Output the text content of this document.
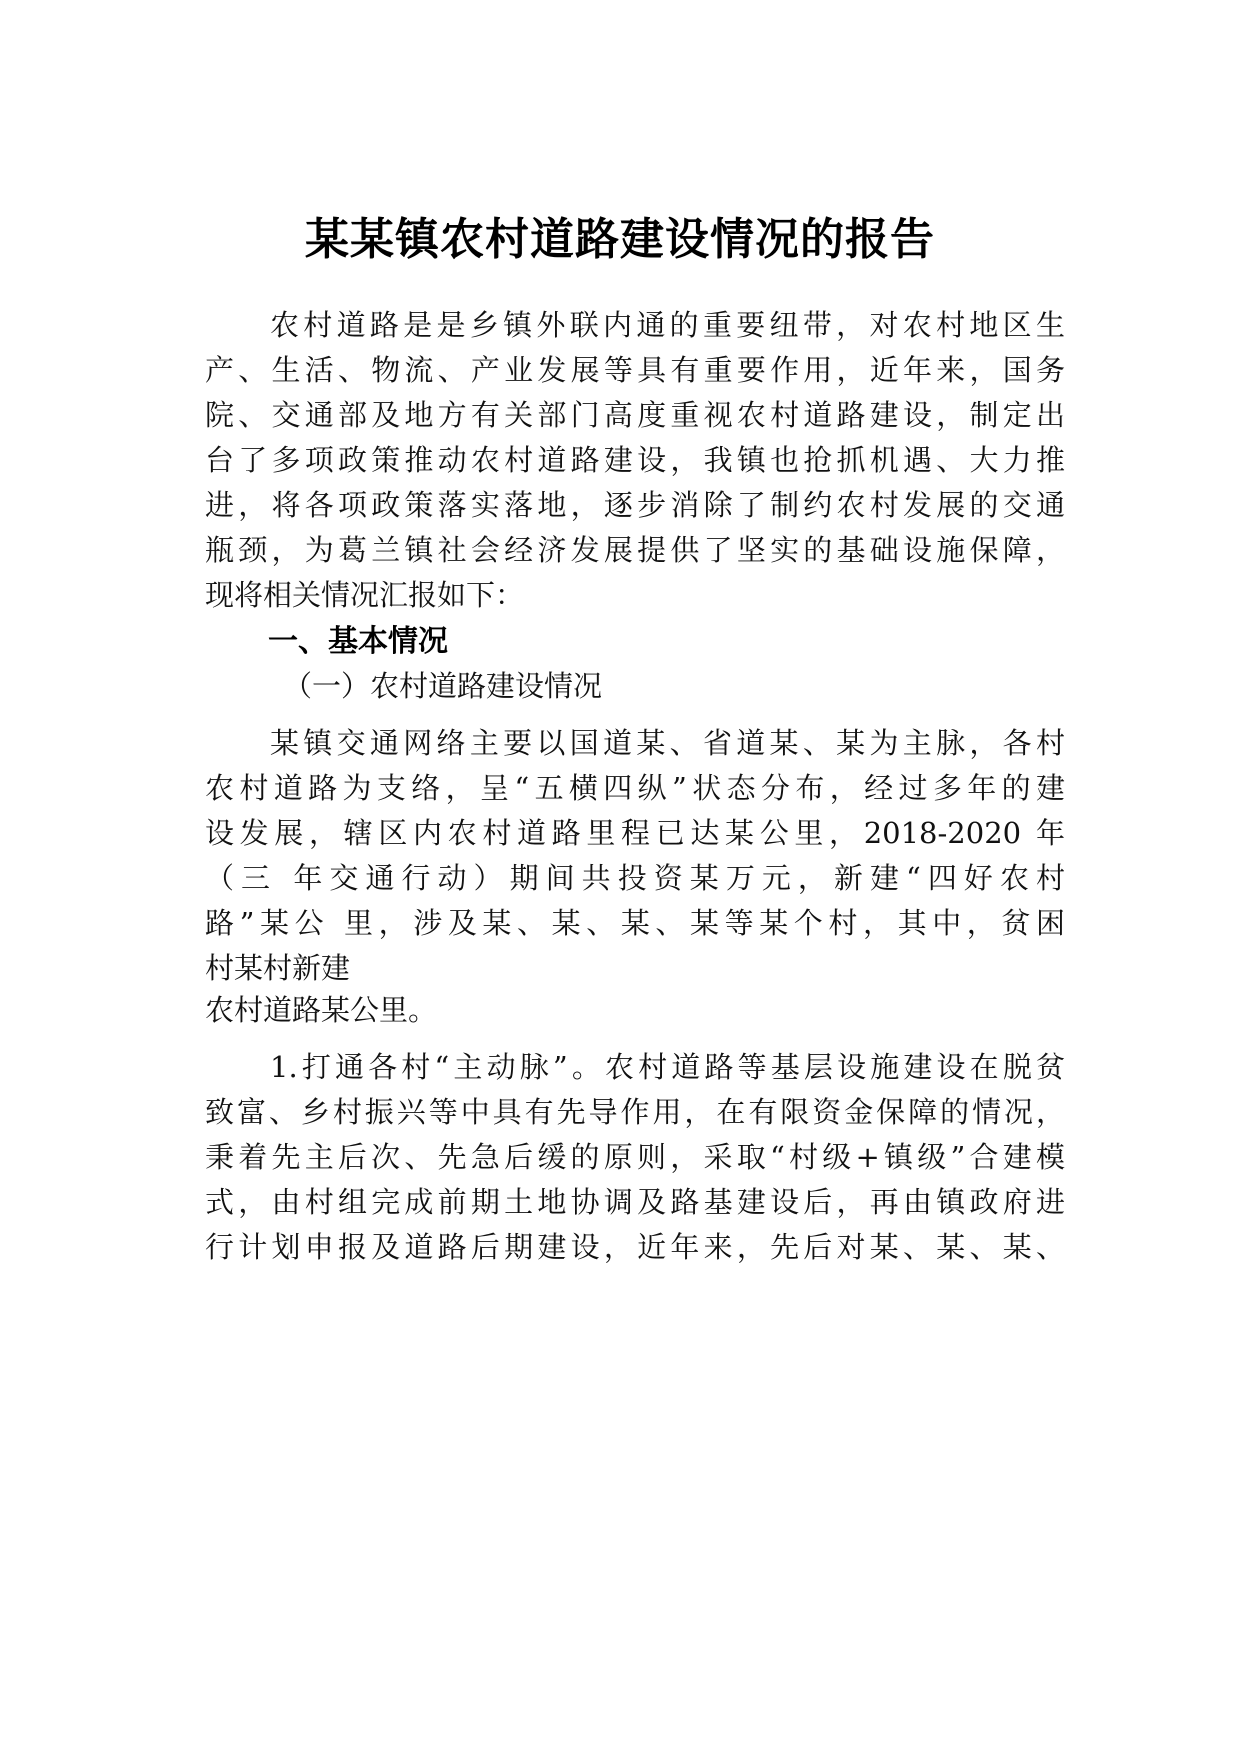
某某镇农村道路建设情况的报告
农村道路是是乡镇外联内通的重要纽带，对农村地区生
产、生活、物流、产业发展等具有重要作用，近年来，国务
院、交通部及地方有关部门高度重视农村道路建设，制定出
台了多项政策推动农村道路建设，我镇也抢抓机遇、大力推
进，将各项政策落实落地，逐步消除了制约农村发展的交通
瓶颈，为葛兰镇社会经济发展提供了坚实的基础设施保障，
现将相关情况汇报如下：
一、基本情况
（一）农村道路建设情况
某镇交通网络主要以国道某、省道某、某为主脉，各村
农村道路为支络，呈“五横四纵”状态分布，经过多年的建
设发展，辖区内农村道路里程已达某公里，2018-2020 年
（三 年交通行动）期间共投资某万元，新建“四好农村
路”某公 里，涉及某、某、某、某等某个村，其中，贫困
村某村新建
农村道路某公里。
1.打通各村“主动脉”。农村道路等基层设施建设在脱贫
致富、乡村振兴等中具有先导作用，在有限资金保障的情况，
秉着先主后次、先急后缓的原则，采取“村级+镇级”合建模
式，由村组完成前期土地协调及路基建设后，再由镇政府进
行计划申报及道路后期建设，近年来，先后对某、某、某、
